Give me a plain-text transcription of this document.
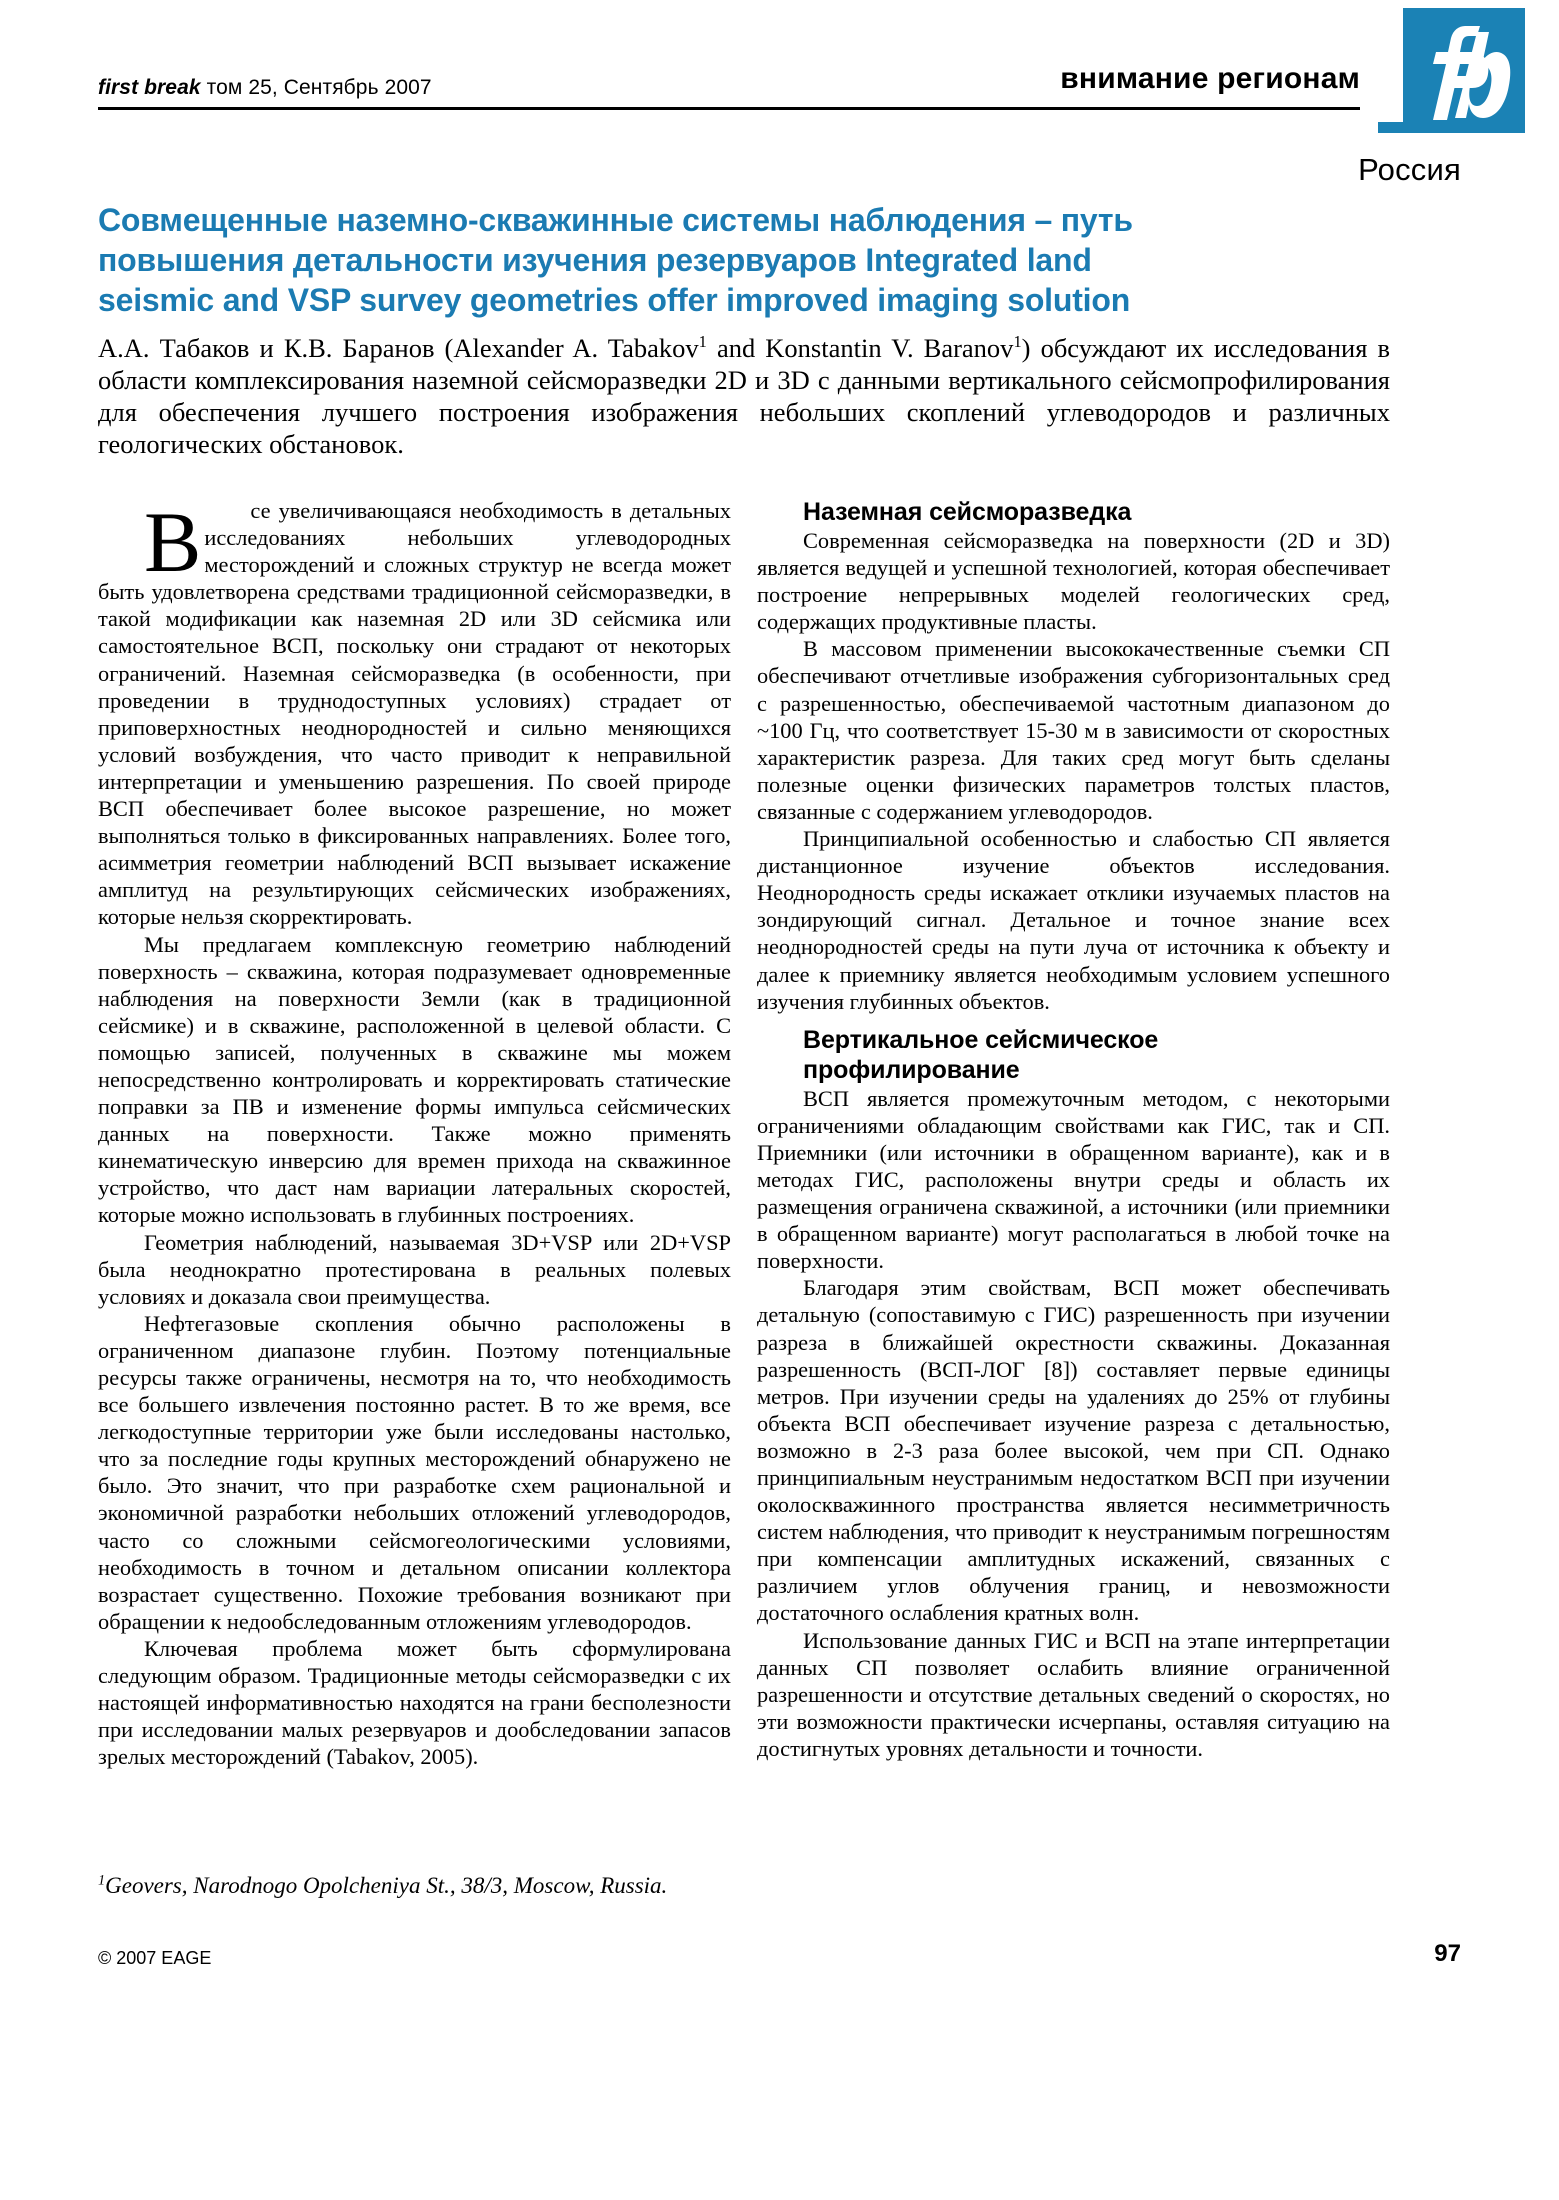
first break том 25, Сентябрь 2007	внимание регионам
Россия
Совмещенные наземно-скважинные системы наблюдения – путь
повышения детальности изучения резервуаров Integrated land
seismic and VSP survey geometries offer improved imaging solution
А.А. Табаков и К.В. Баранов (Alexander A. Tabakov$^1$ and Konstantin V. Baranov$^1$) обсуждают их исследования в области комплексирования наземной сейсморазведки 2D и 3D с данными вертикального сейсмопрофилирования для обеспечения лучшего построения изображения небольших скоплений углеводородов и различных геологических обстановок.

В се увеличивающаяся необходимость в детальных исследованиях небольших углеводородных месторождений и сложных структур не всегда может быть удовлетворена средствами традиционной сейсморазведки, в такой модификации как наземная 2D или 3D сейсмика или самостоятельное ВСП, поскольку они страдают от некоторых ограничений. Наземная сейсморазведка (в особенности, при проведении в труднодоступных условиях) страдает от приповерхностных неоднородностей и сильно меняющихся условий возбуждения, что часто приводит к неправильной интерпретации и уменьшению разрешения. По своей природе ВСП обеспечивает более высокое разрешение, но может выполняться только в фиксированных направлениях. Более того, асимметрия геометрии наблюдений ВСП вызывает искажение амплитуд на результирующих сейсмических изображениях, которые нельзя скорректировать.

Мы предлагаем комплексную геометрию наблюдений поверхность – скважина, которая подразумевает одновременные наблюдения на поверхности Земли (как в традиционной сейсмике) и в скважине, расположенной в целевой области. С помощью записей, полученных в скважине мы можем непосредственно контролировать и корректировать статические поправки за ПВ и изменение формы импульса сейсмических данных на поверхности. Также можно применять кинематическую инверсию для времен прихода на скважинное устройство, что даст нам вариации латеральных скоростей, которые можно использовать в глубинных построениях.

Геометрия наблюдений, называемая 3D+VSP или 2D+VSP была неоднократно протестирована в реальных полевых условиях и доказала свои преимущества.

Нефтегазовые скопления обычно расположены в ограниченном диапазоне глубин. Поэтому потенциальные ресурсы также ограничены, несмотря на то, что необходимость все большего извлечения постоянно растет. В то же время, все легкодоступные территории уже были исследованы настолько, что за последние годы крупных месторождений обнаружено не было. Это значит, что при разработке схем рациональной и экономичной разработки небольших отложений углеводородов, часто со сложными сейсмогеологическими условиями, необходимость в точном и детальном описании коллектора возрастает существенно. Похожие требования возникают при обращении к недообследованным отложениям углеводородов.

Ключевая проблема может быть сформулирована следующим образом. Традиционные методы сейсморазведки с их настоящей информативностью находятся на грани бесполезности при исследовании малых резервуаров и дообследовании запасов зрелых месторождений (Tabakov, 2005).

Наземная сейсморазведка

Современная сейсморазведка на поверхности (2D и 3D) является ведущей и успешной технологией, которая обеспечивает построение непрерывных моделей геологических сред, содержащих продуктивные пласты.

В массовом применении высококачественные съемки СП обеспечивают отчетливые изображения субгоризонтальных сред с разрешенностью, обеспечиваемой частотным диапазоном до ~100 Гц, что соответствует 15-30 м в зависимости от скоростных характеристик разреза. Для таких сред могут быть сделаны полезные оценки физических параметров толстых пластов, связанные с содержанием углеводородов.

Принципиальной особенностью и слабостью СП является дистанционное изучение объектов исследования. Неоднородность среды искажает отклики изучаемых пластов на зондирующий сигнал. Детальное и точное знание всех неоднородностей среды на пути луча от источника к объекту и далее к приемнику является необходимым условием успешного изучения глубинных объектов.

Вертикальное сейсмическое

профилирование

ВСП является промежуточным методом, с некоторыми ограничениями обладающим свойствами как ГИС, так и СП. Приемники (или источники в обращенном варианте), как и в методах ГИС, расположены внутри среды и область их размещения ограничена скважиной, а источники (или приемники в обращенном варианте) могут располагаться в любой точке на поверхности.

Благодаря этим свойствам, ВСП может обеспечивать детальную (сопоставимую с ГИС) разрешенность при изучении разреза в ближайшей окрестности скважины. Доказанная разрешенность (ВСП-ЛОГ [8]) составляет первые единицы метров. При изучении среды на удалениях до 25% от глубины объекта ВСП обеспечивает изучение разреза с детальностью, возможно в 2-3 раза более высокой, чем при СП. Однако принципиальным неустранимым недостатком ВСП при изучении околоскважинного пространства является несимметричность систем наблюдения, что приводит к неустранимым погрешностям при компенсации амплитудных искажений, связанных с различием углов облучения границ, и невозможности достаточного ослабления кратных волн.

Использование данных ГИС и ВСП на этапе интерпретации данных СП позволяет ослабить влияние ограниченной разрешенности и отсутствие детальных сведений о скоростях, но эти возможности практически исчерпаны, оставляя ситуацию на достигнутых уровнях детальности и точности.

$^1$Geovers, Narodnogo Opolcheniya St., 38/3, Moscow, Russia.
© 2007 EAGE	97
